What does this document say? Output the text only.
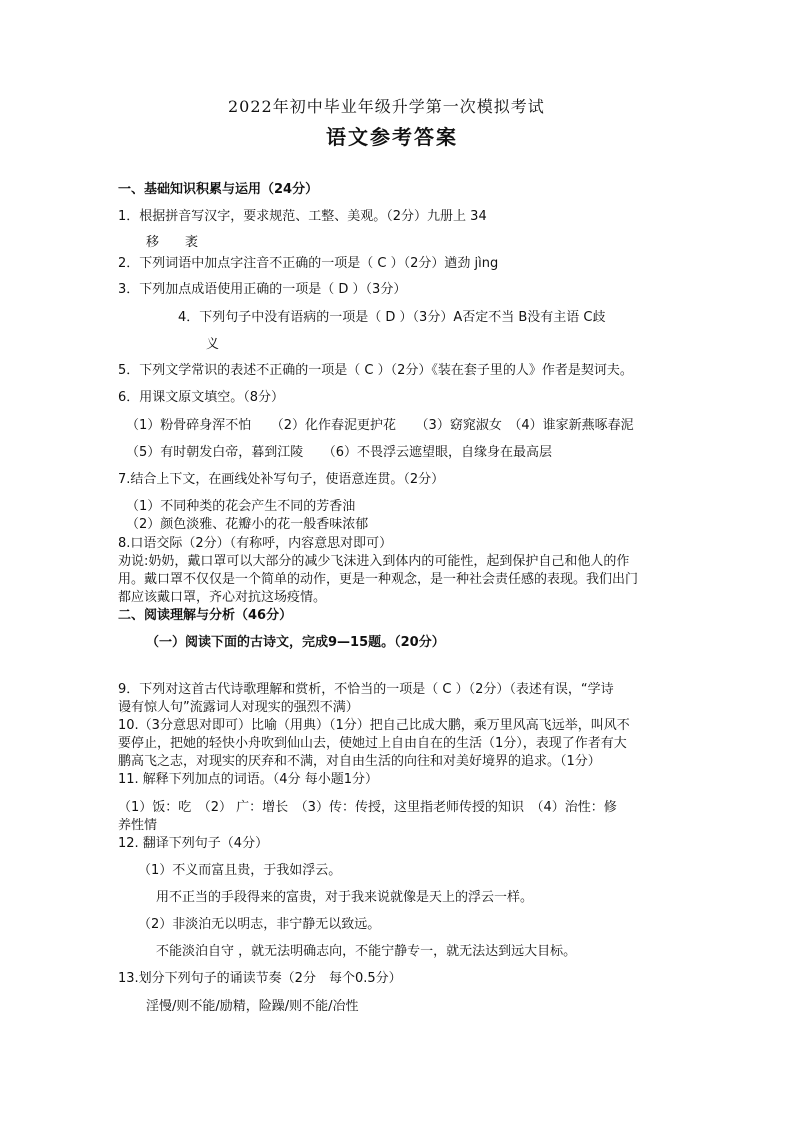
2022年初中毕业年级升学第一次模拟考试
语文参考答案
一、基础知识积累与运用（24分）
1．根据拼音写汉字，要求规范、工整、美观。（2分）九册上 34
移　　袤
2．下列词语中加点字注音不正确的一项是（ C ）（2分）遒劲 jìng
3．下列加点成语使用正确的一项是（ D ）（3分）
4．下列句子中没有语病的一项是（ D ）（3分）A否定不当 B没有主语 C歧
义
5．下列文学常识的表述不正确的一项是（ C ）（2分）《装在套子里的人》作者是契诃夫。
6．用课文原文填空。（8分）
（1）粉骨碎身浑不怕　　（2）化作春泥更护花　　（3）窈窕淑女　（4）谁家新燕啄春泥
（5）有时朝发白帝，暮到江陵　　（6）不畏浮云遮望眼，自缘身在最高层
7.结合上下文，在画线处补写句子，使语意连贯。（2分）
（1）不同种类的花会产生不同的芳香油
（2）颜色淡雅、花瓣小的花一般香味浓郁
8.口语交际（2分）（有称呼，内容意思对即可）
劝说:奶奶，戴口罩可以大部分的减少飞沫进入到体内的可能性，起到保护自己和他人的作
用。戴口罩不仅仅是一个简单的动作，更是一种观念，是一种社会责任感的表现。我们出门
都应该戴口罩，齐心对抗这场疫情。
二、阅读理解与分析（46分）
（一）阅读下面的古诗文，完成9—15题。（20分）
9．下列对这首古代诗歌理解和赏析，不恰当的一项是（ C ）（2分）（表述有误，“学诗
谩有惊人句”流露词人对现实的强烈不满）
10.（3分意思对即可）比喻（用典）（1分）把自己比成大鹏，乘万里风高飞远举，叫风不
要停止，把她的轻快小舟吹到仙山去，使她过上自由自在的生活（1分），表现了作者有大
鹏高飞之志，对现实的厌弃和不满，对自由生活的向往和对美好境界的追求。（1分）
11. 解释下列加点的词语。（4分 每小题1分）
（1）饭：吃　（2） 广：增长　（3）传：传授，这里指老师传授的知识　（4）治性：修
养性情
12. 翻译下列句子（4分）
（1）不义而富且贵，于我如浮云。
用不正当的手段得来的富贵，对于我来说就像是天上的浮云一样。
（2）非淡泊无以明志，非宁静无以致远。
不能淡泊自守 ，就无法明确志向，不能宁静专一，就无法达到远大目标。
13.划分下列句子的诵读节奏（2分　每个0.5分）
淫慢/则不能/励精，险躁/则不能/冶性
